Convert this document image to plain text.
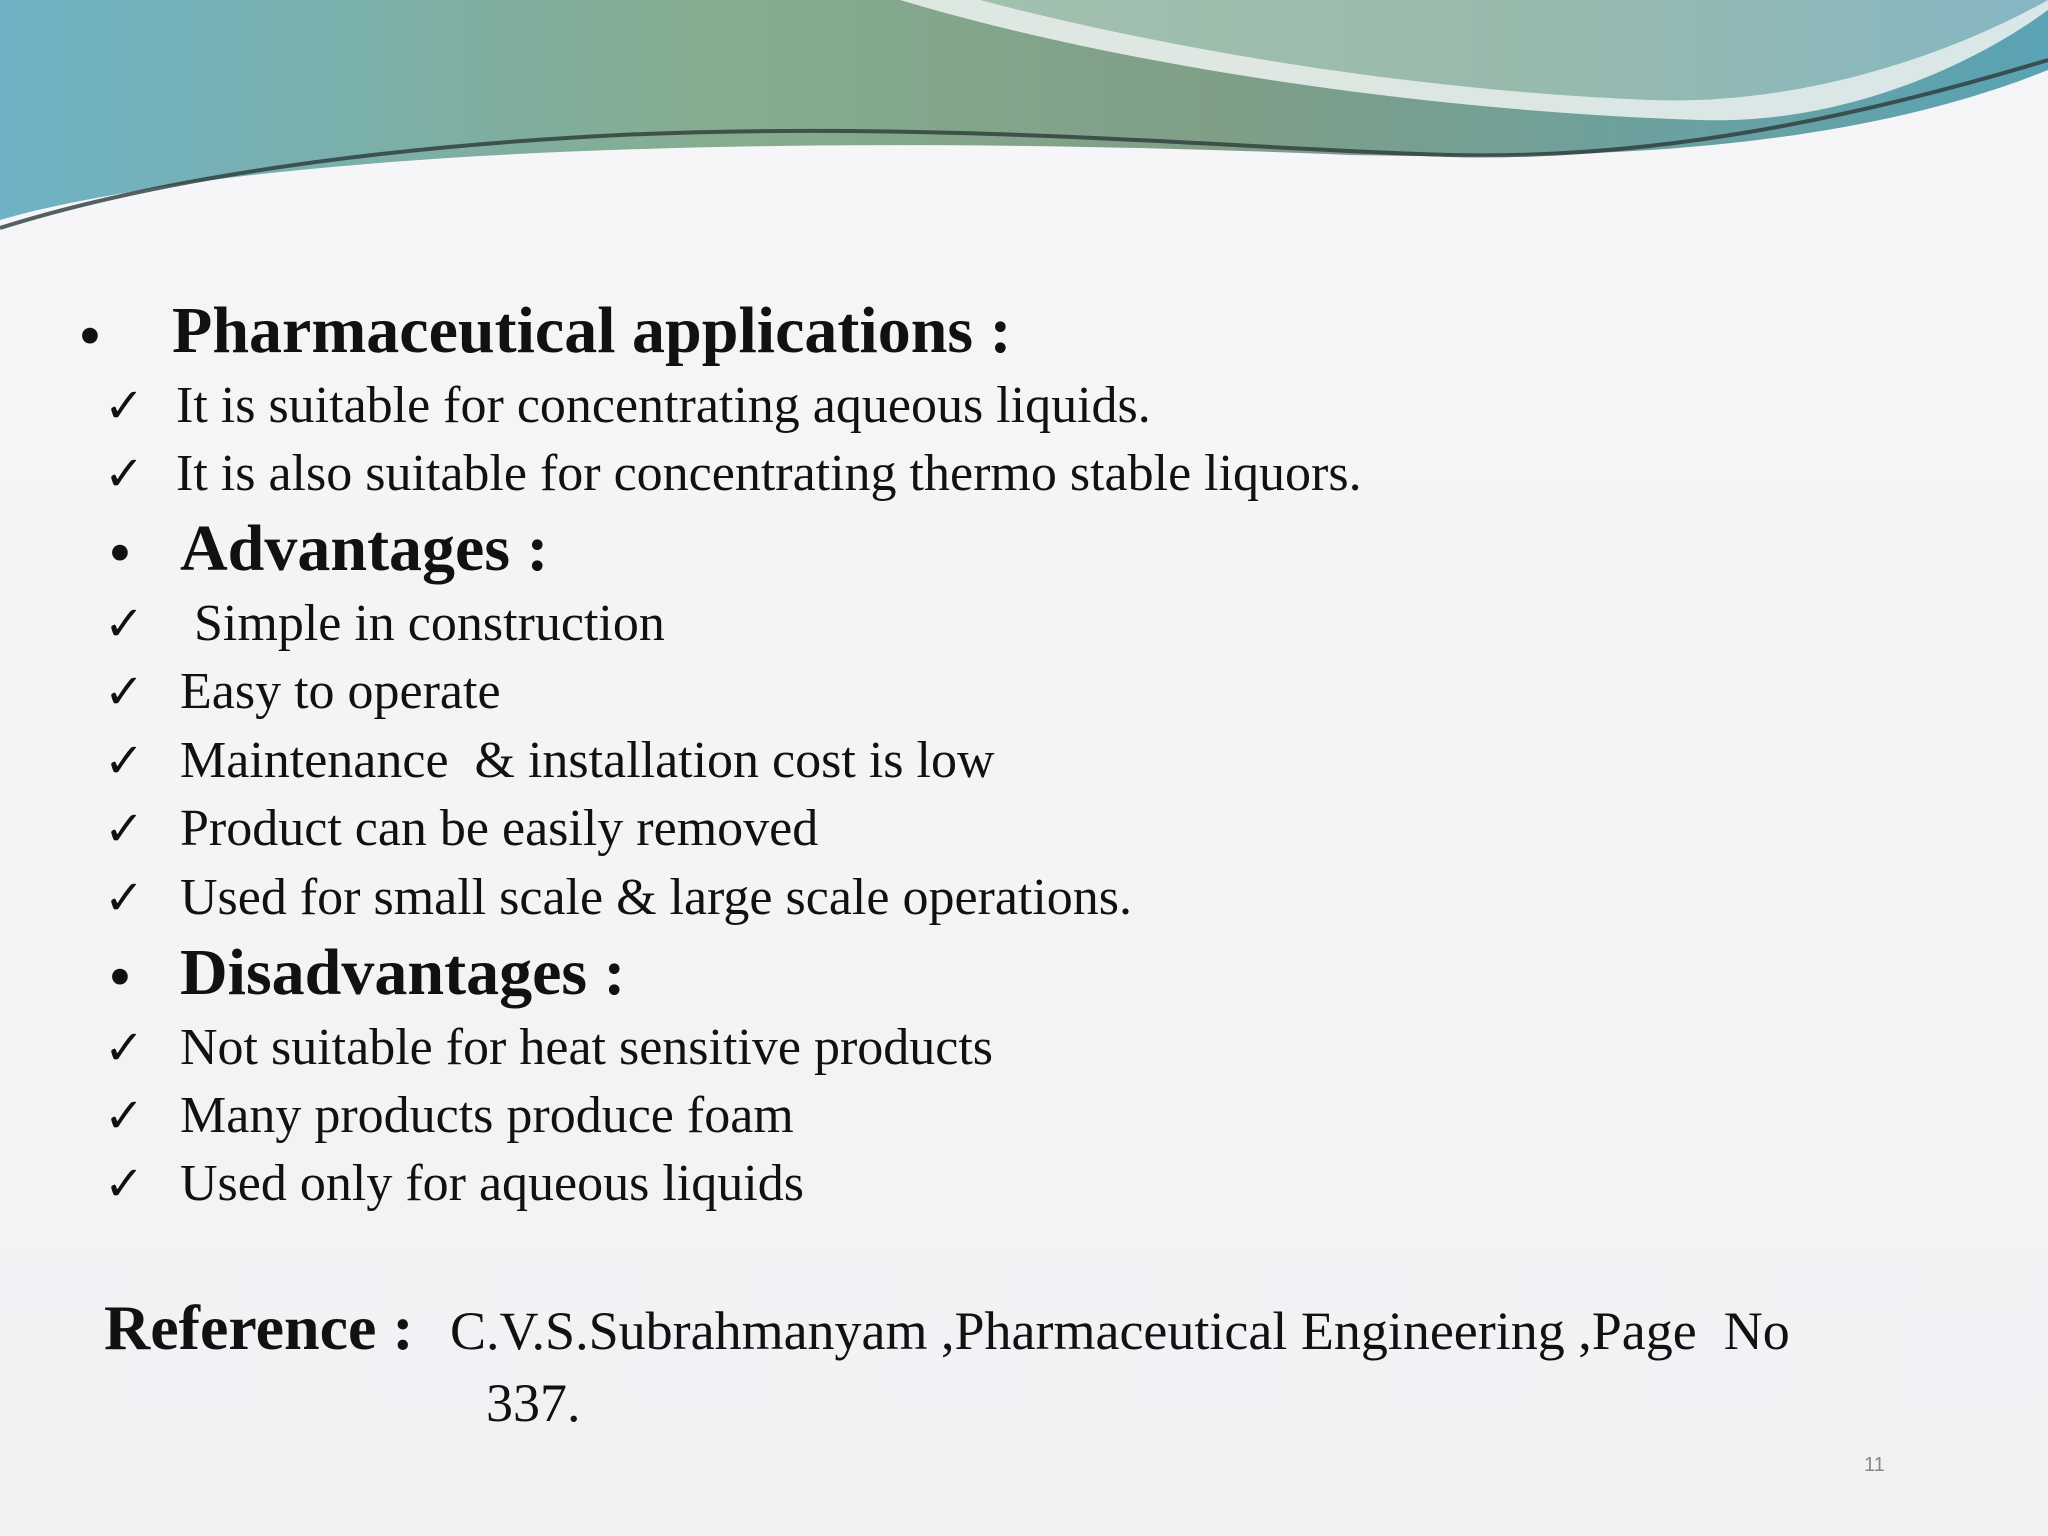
• Pharmaceutical applications :
✓ It is suitable for concentrating aqueous liquids.
✓ It is also suitable for concentrating thermo stable liquors.
• Advantages :
✓ Simple in construction
✓ Easy to operate
✓ Maintenance  & installation cost is low
✓ Product can be easily removed
✓ Used for small scale & large scale operations.
• Disadvantages :
✓ Not suitable for heat sensitive products
✓ Many products produce foam
✓ Used only for aqueous liquids
Reference : C.V.S.Subrahmanyam ,Pharmaceutical Engineering ,Page  No
337.
11
